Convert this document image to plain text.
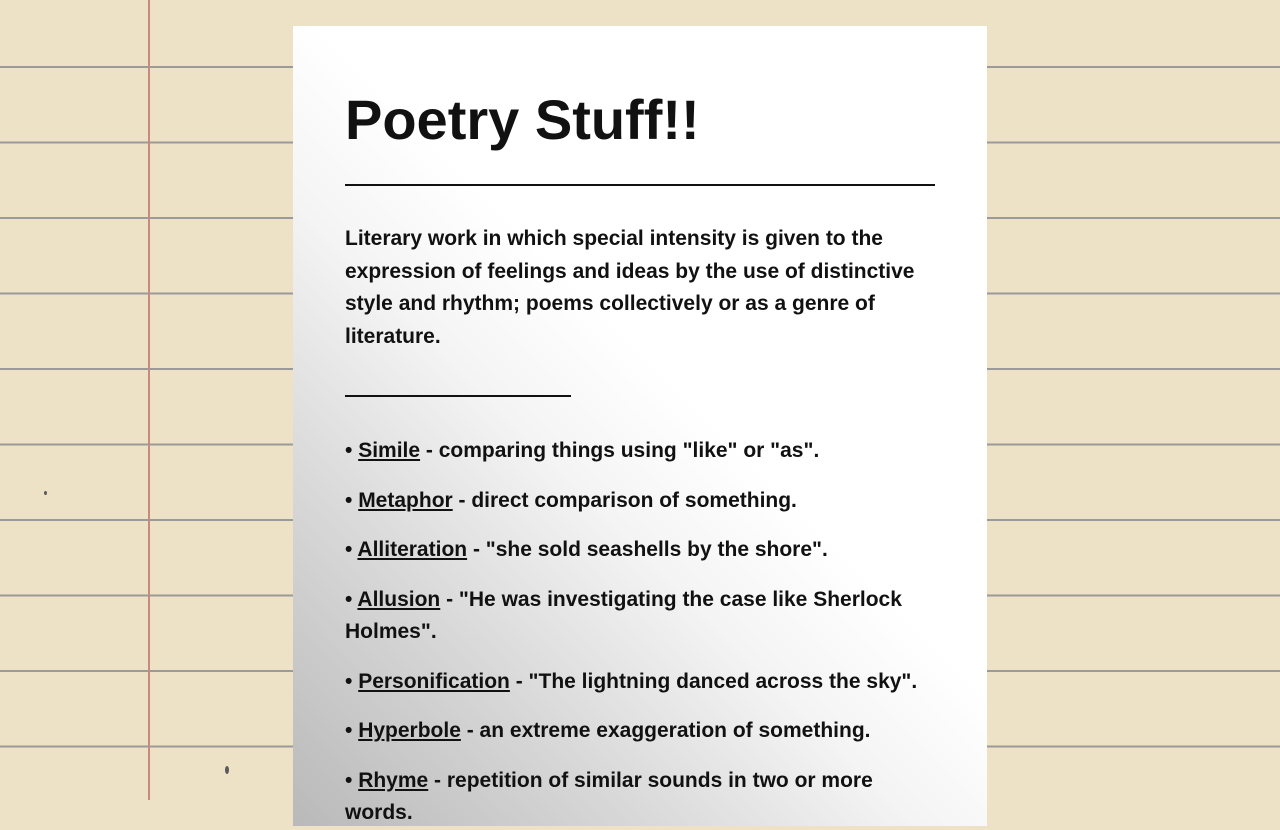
Poetry Stuff!!

Literary work in which special intensity is given to the expression of feelings and ideas by the use of distinctive style and rhythm; poems collectively or as a genre of literature.

• Simile - comparing things using "like" or "as".
• Metaphor - direct comparison of something.
• Alliteration - "she sold seashells by the shore".
• Allusion - "He was investigating the case like Sherlock Holmes".
• Personification - "The lightning danced across the sky".
• Hyperbole - an extreme exaggeration of something.
• Rhyme - repetition of similar sounds in two or more words.
